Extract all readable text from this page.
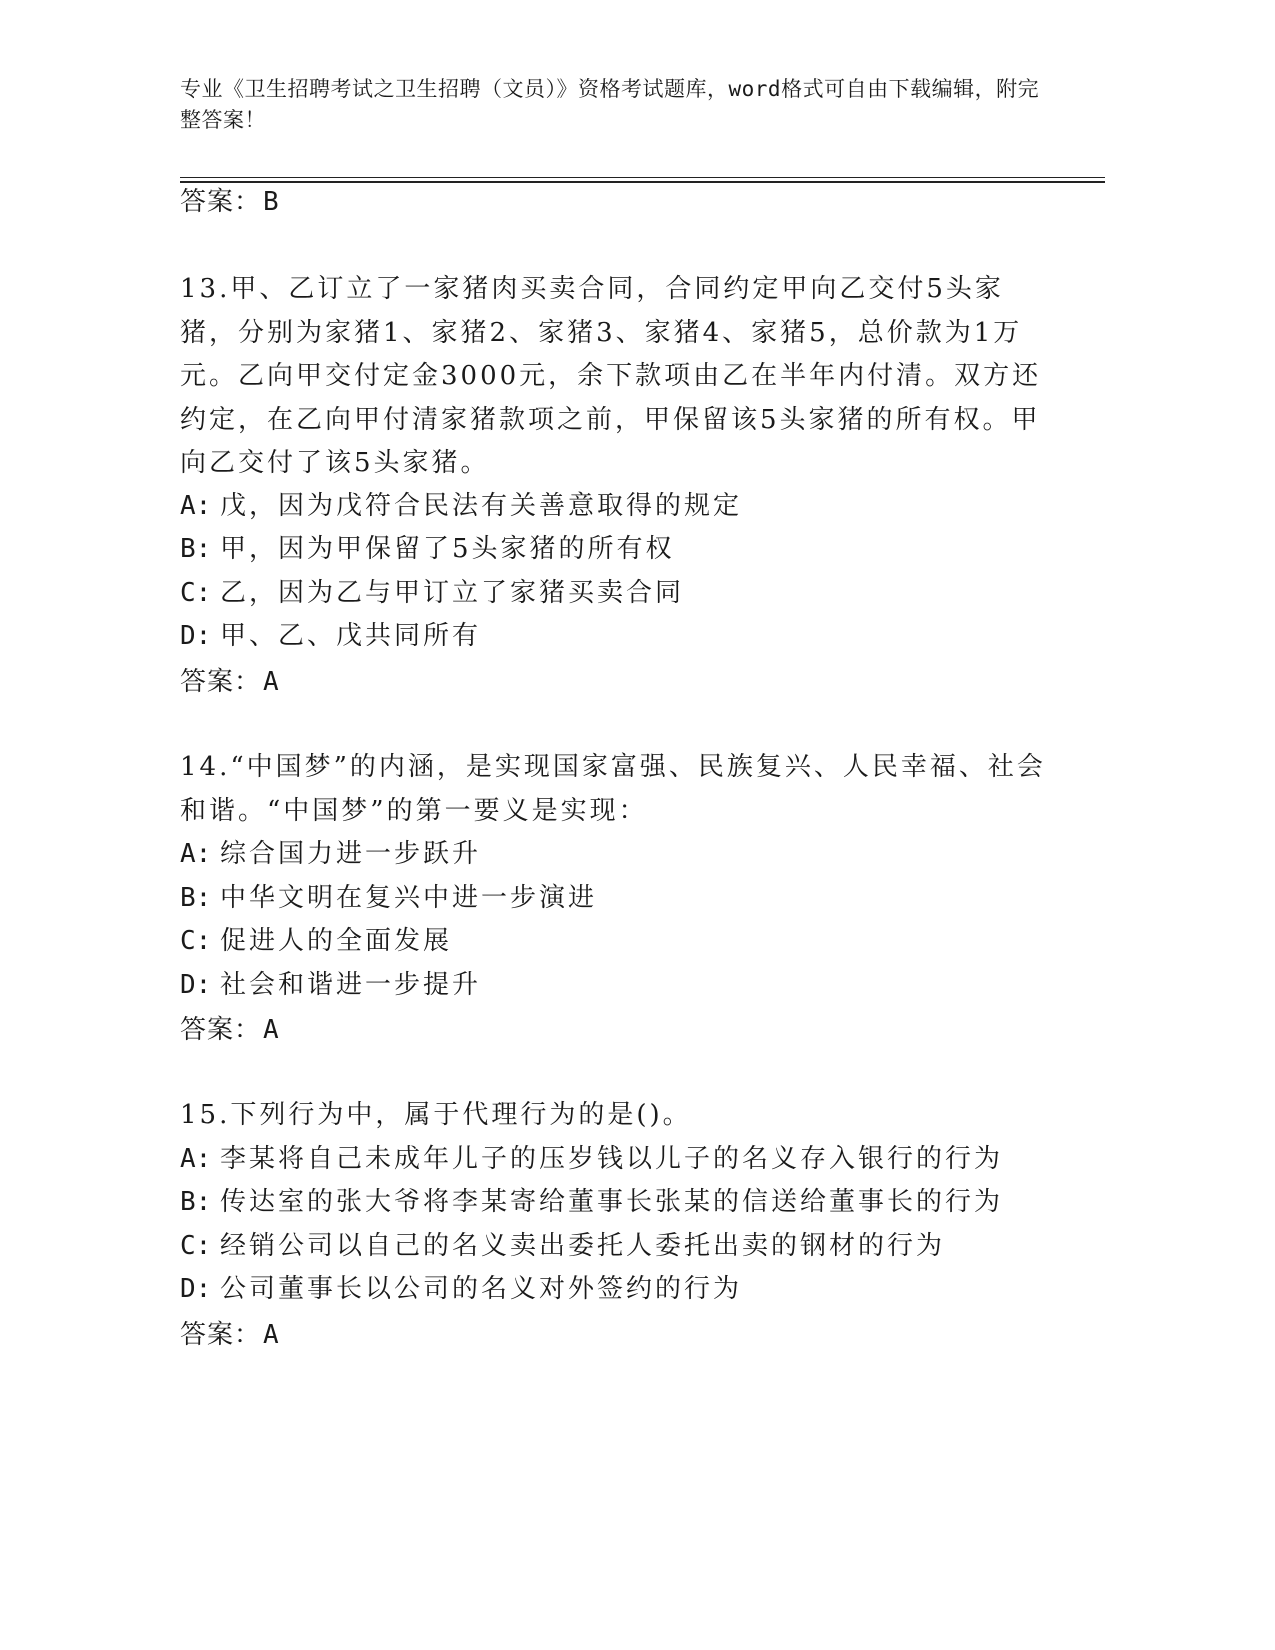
专业《卫生招聘考试之卫生招聘（文员）》资格考试题库，word格式可自由下载编辑，附完整答案！
答案：B
13.甲、乙订立了一家猪肉买卖合同，合同约定甲向乙交付5头家猪，分别为家猪1、家猪2、家猪3、家猪4、家猪5，总价款为1万元。乙向甲交付定金3000元，余下款项由乙在半年内付清。双方还约定，在乙向甲付清家猪款项之前，甲保留该5头家猪的所有权。甲向乙交付了该5头家猪。
A: 戊，因为戊符合民法有关善意取得的规定
B: 甲，因为甲保留了5头家猪的所有权
C: 乙，因为乙与甲订立了家猪买卖合同
D: 甲、乙、戊共同所有
答案：A
14.“中国梦”的内涵，是实现国家富强、民族复兴、人民幸福、社会和谐。“中国梦”的第一要义是实现：
A: 综合国力进一步跃升
B: 中华文明在复兴中进一步演进
C: 促进人的全面发展
D: 社会和谐进一步提升
答案：A
15.下列行为中，属于代理行为的是()。
A: 李某将自己未成年儿子的压岁钱以儿子的名义存入银行的行为
B: 传达室的张大爷将李某寄给董事长张某的信送给董事长的行为
C: 经销公司以自己的名义卖出委托人委托出卖的钢材的行为
D: 公司董事长以公司的名义对外签约的行为
答案：A
